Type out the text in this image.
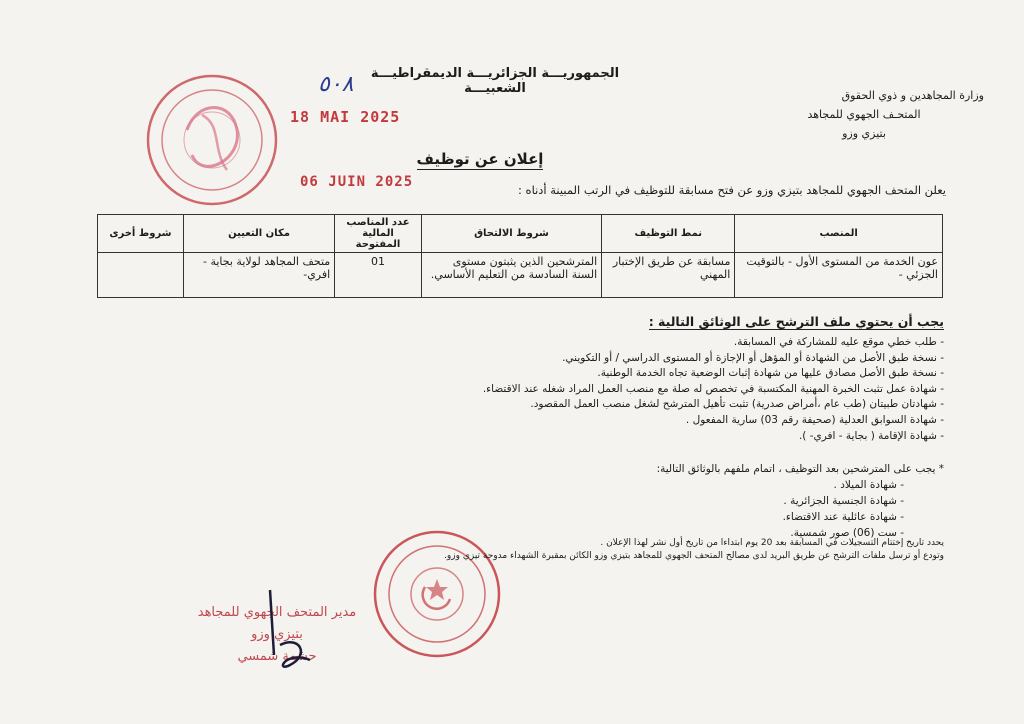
الجمهوريـــة الجزائريـــة الديمقراطيـــة الشعبيـــة	وزارة المجاهدين و ذوي الحقوق
المتحـف الجهوي للمجاهد
بتيزي وزو
٥٠٨
18 MAI 2025
06 JUIN 2025
إعلان عن توظيف
يعلن المتحف الجهوي للمجاهد بتيزي وزو عن فتح مسابقة للتوظيف في الرتب المبينة أدناه :
المنصب	نمط التوظيف	شروط الالتحاق	عدد المناصب المالية المفتوحة	مكان التعيين	شروط أخرى
عون الخدمة من المستوى الأول - بالتوقيت الجزئي -	مسابقة عن طريق الإختبار المهني	المترشحين الذين يثبتون مستوى السنة السادسة من التعليم الأساسي.	01	متحف المجاهد لولاية بجاية - افري-	
يجب أن يحتوي ملف الترشح على الوثائق التالية :
- طلب خطي موقع عليه للمشاركة في المسابقة.
- نسخة طبق الأصل من الشهادة أو المؤهل أو الإجازة أو المستوى الدراسي / أو التكويني.
- نسخة طبق الأصل مصادق عليها من شهادة إثبات الوضعية تجاه الخدمة الوطنية.
- شهادة عمل تثبت الخبرة المهنية المكتسبة في تخصص له صلة مع منصب العمل المراد شغله عند الاقتضاء.
- شهادتان طبيتان (طب عام ،أمراض صدرية) تثبت تأهيل المترشح لشغل منصب العمل المقصود.
- شهادة السوابق العدلية (صحيفة رقم 03) سارية المفعول .
- شهادة الإقامة ( بجاية - افري- ).
* يجب على المترشحين بعد التوظيف ، اتمام ملفهم بالوثائق التالية:
- شهادة الميلاد .
- شهادة الجنسية الجزائرية .
- شهادة عائلية عند الاقتضاء.
- ست (06) صور شمسية.
يحدد تاريخ إختتام التسجيلات في المسابقة بعد 20 يوم ابتداءا من تاريخ أول نشر لهذا الإعلان .
وتودع أو ترسل ملفات الترشح عن طريق البريد لدى مصالح المتحف الجهوي للمجاهد بتيزي وزو الكائن بمقبرة الشهداء مدوحة تيزي وزو.
مدير المتحف الجهوي للمجاهد
بتيزي وزو
حشمة شمسي
